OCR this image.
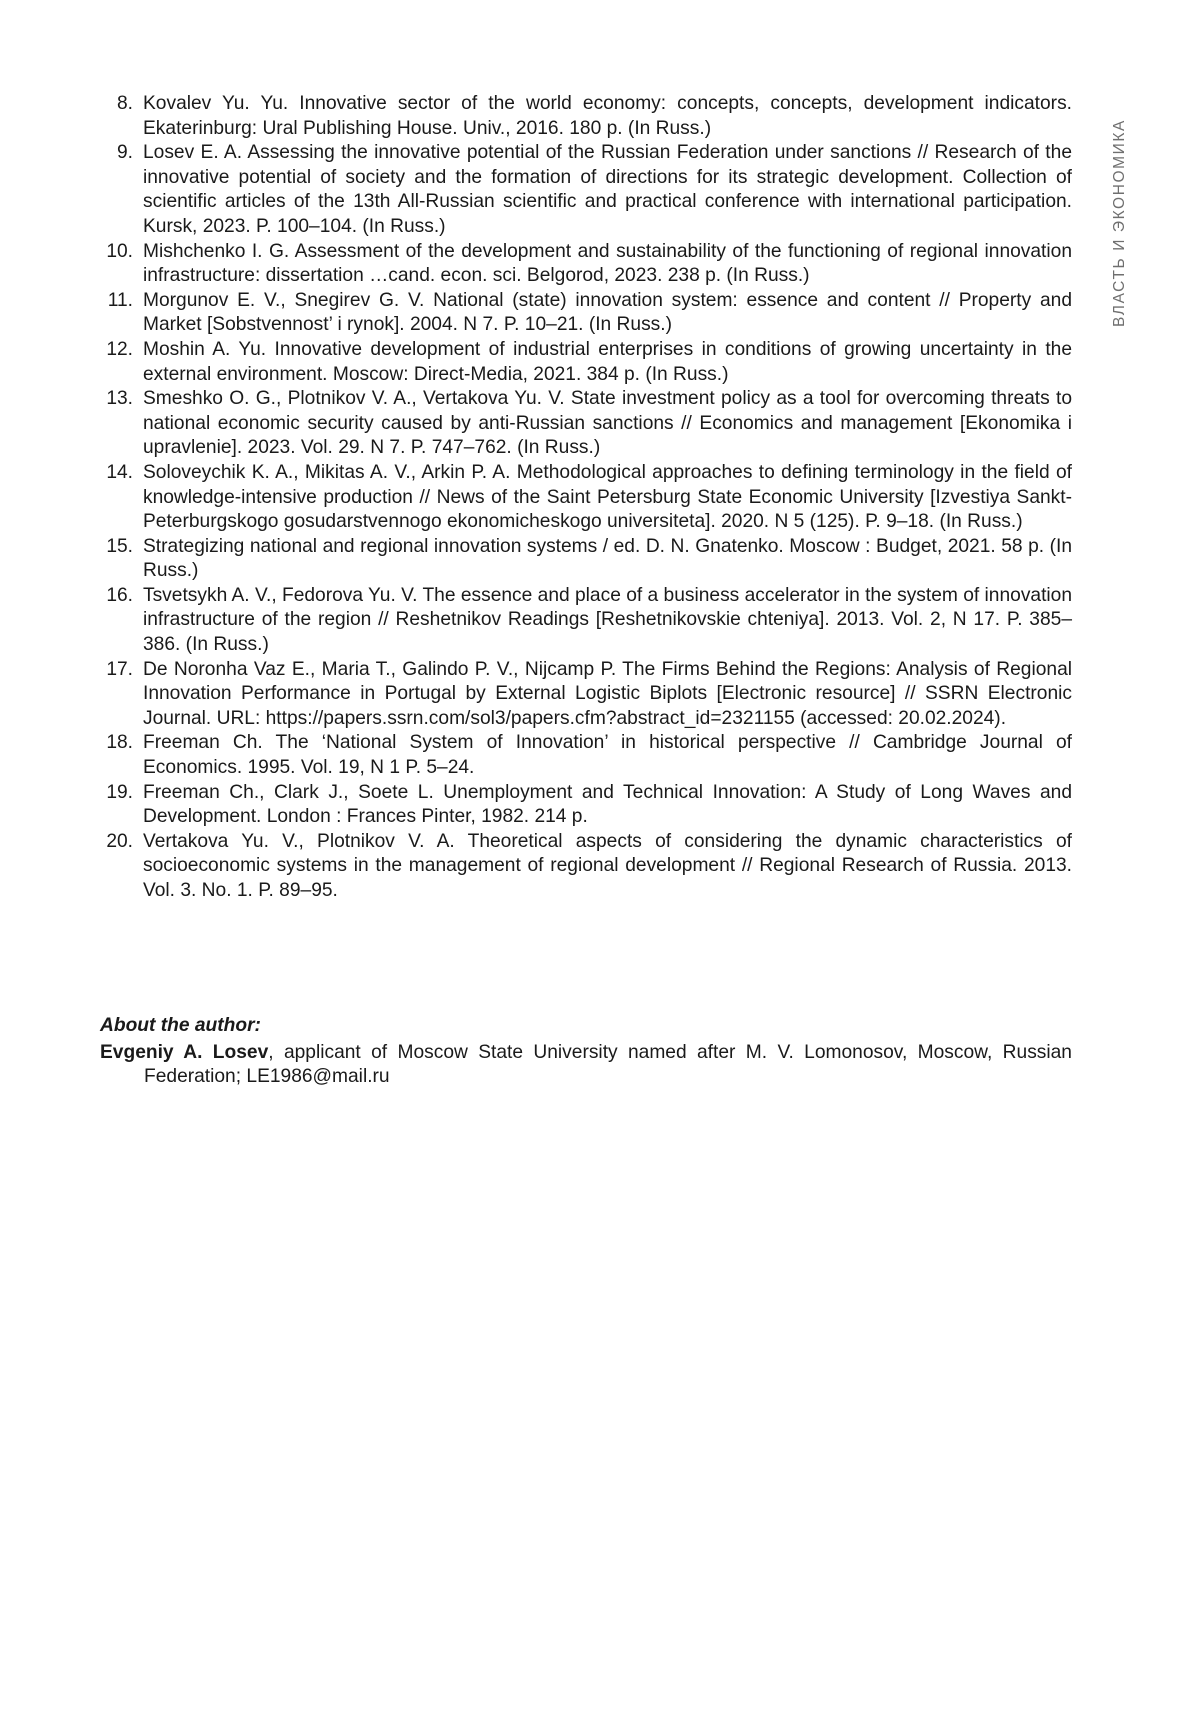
ВЛАСТЬ И ЭКОНОМИКА
8. Kovalev Yu. Yu. Innovative sector of the world economy: concepts, concepts, development in­dicators. Ekaterinburg: Ural Publishing House. Univ., 2016. 180 p. (In Russ.)
9. Losev E. A. Assessing the innovative potential of the Russian Federation under sanctions // Research of the innovative potential of society and the formation of directions for its strategic development. Collection of scientific articles of the 13th All-Russian scientific and practical conference with international participation. Kursk, 2023. P. 100–104. (In Russ.)
10. Mishchenko I. G. Assessment of the development and sustainability of the functioning of re­gional innovation infrastructure: dissertation …cand. econ. sci. Belgorod, 2023. 238 p. (In Russ.)
11. Morgunov E. V., Snegirev G. V. National (state) innovation system: essence and content // Property and Market [Sobstvennost’ i rynok]. 2004. N 7. P. 10–21. (In Russ.)
12. Moshin A. Yu. Innovative development of industrial enterprises in conditions of growing uncer­tainty in the external environment. Moscow: Direct-Media, 2021. 384 p. (In Russ.)
13. Smeshko O. G., Plotnikov V. A., Vertakova Yu. V. State investment policy as a tool for overcom­ing threats to national economic security caused by anti-Russian sanctions // Economics and management [Ekonomika i upravlenie]. 2023. Vol. 29. N 7. P. 747–762. (In Russ.)
14. Soloveychik K. A., Mikitas A. V., Arkin P. A. Methodological approaches to defining terminology in the field of knowledge-intensive production // News of the Saint Petersburg State Economic University [Izvestiya Sankt-Peterburgskogo gosudarstvennogo ekonomicheskogo universiteta]. 2020. N 5 (125). P. 9–18. (In Russ.)
15. Strategizing national and regional innovation systems / ed. D. N. Gnatenko. Moscow : Budget, 2021. 58 p. (In Russ.)
16. Tsvetsykh A. V., Fedorova Yu. V. The essence and place of a business accelerator in the system of innovation infrastructure of the region // Reshetnikov Readings [Reshetnikovskie chteniya]. 2013. Vol. 2, N 17. P. 385–386. (In Russ.)
17. De Noronha Vaz E., Maria T., Galindo P. V., Nijcamp P. The Firms Behind the Regions: Analysis of Regional Innovation Performance in Portugal by External Logistic Biplots [Electronic resource] // SSRN Electronic Journal. URL: https://papers.ssrn.com/sol3/papers.cfm?abstract_id=2321155 (accessed: 20.02.2024).
18. Freeman Ch. The ‘National System of Innovation’ in historical perspective // Cambridge Journal of Economics. 1995. Vol. 19, N 1 P. 5–24.
19. Freeman Ch., Clark J., Soete L. Unemployment and Technical Innovation: A Study of Long Waves and Development. London : Frances Pinter, 1982. 214 p.
20. Vertakova Yu. V., Plotnikov V. A. Theoretical aspects of considering the dynamic characteristics of socioeconomic systems in the management of regional development // Regional Research of Russia. 2013. Vol. 3. No. 1. P. 89–95.

About the author:

Evgeniy A. Losev, applicant of Moscow State University named after M. V. Lomonosov, Moscow, Russian Federation; LE1986@mail.ru
